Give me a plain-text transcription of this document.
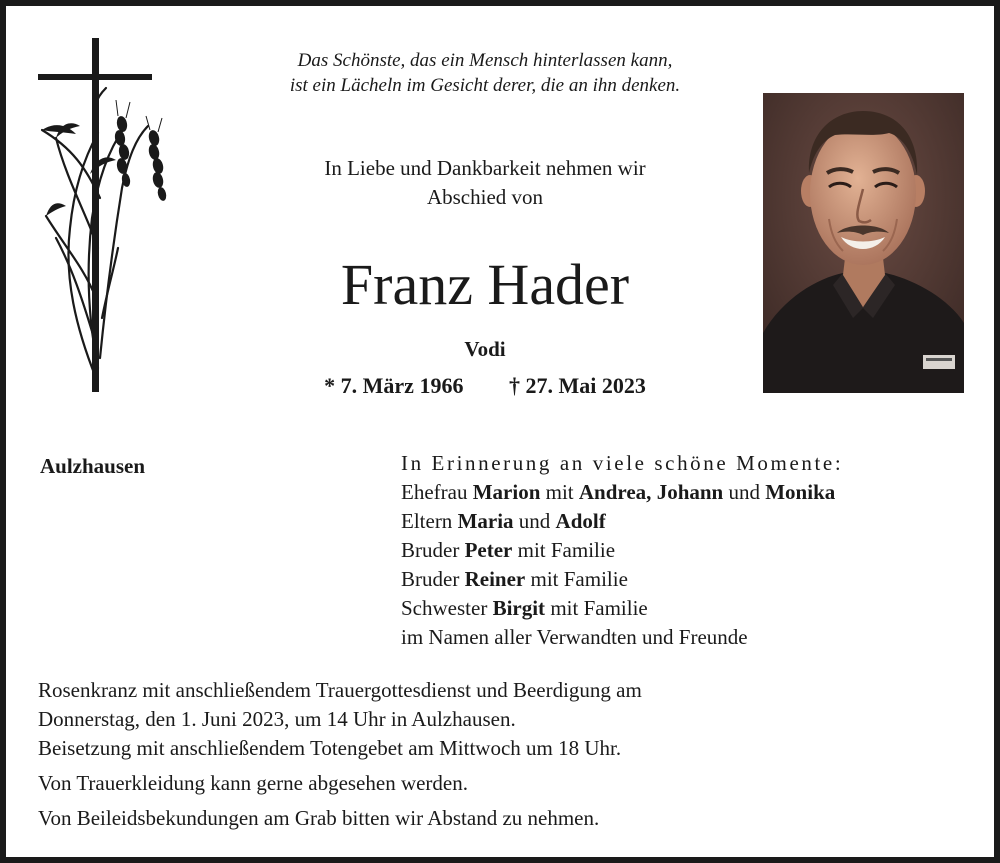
Das Schönste, das ein Mensch hinterlassen kann,
ist ein Lächeln im Gesicht derer, die an ihn denken.
In Liebe und Dankbarkeit nehmen wir
Abschied von
Franz Hader
Vodi
* 7. März 1966 † 27. Mai 2023
Aulzhausen	In Erinnerung an viele schöne Momente:
Ehefrau Marion mit Andrea, Johann und Monika
Eltern Maria und Adolf
Bruder Peter mit Familie
Bruder Reiner mit Familie
Schwester Birgit mit Familie
im Namen aller Verwandten und Freunde
Rosenkranz mit anschließendem Trauergottesdienst und Beerdigung am
Donnerstag, den 1. Juni 2023, um 14 Uhr in Aulzhausen.
Beisetzung mit anschließendem Totengebet am Mittwoch um 18 Uhr.
Von Trauerkleidung kann gerne abgesehen werden.
Von Beileidsbekundungen am Grab bitten wir Abstand zu nehmen.
